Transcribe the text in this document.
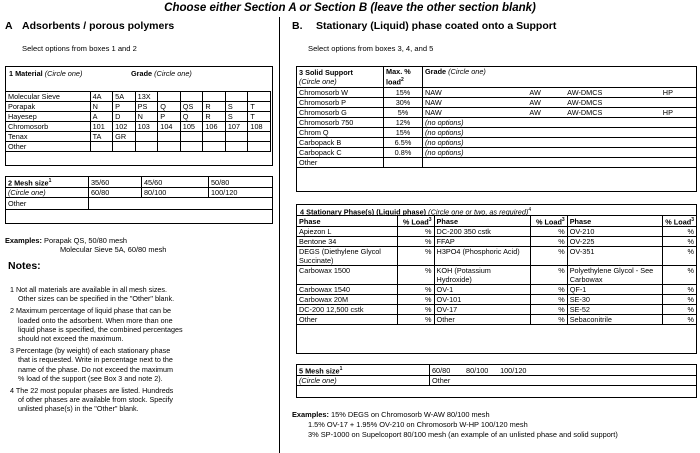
Choose either Section A or Section B (leave the other section blank)
A Adsorbents / porous polymers
Select options from boxes 1 and 2
1 Material (Circle one)	Grade (Circle one)
Molecular Sieve	4A	5A	13X					
Porapak	N	P	PS	Q	QS	R	S	T
Hayesep	A	D	N	P	Q	R	S	T
Chromosorb	101	102	103	104	105	106	107	108
Tenax	TA	GR						
Other								
2 Mesh size$^1$	35/60	45/60	50/80
(Circle one)	60/80	80/100	100/120
Other			

Examples: Porapak QS, 50/80 mesh
Molecular Sieve 5A, 60/80 mesh
Notes:
1 Not all materials are available in all mesh sizes.
Other sizes can be specified in the "Other" blank.
2 Maximum percentage of liquid phase that can be
loaded onto the adsorbent. When more than one
liquid phase is specified, the combined percentages
should not exceed the maximum.
3 Percentage (by weight) of each stationary phase
that is requested. Write in percentage next to the
name of the phase. Do not exceed the maximum
% load of the support (see Box 3 and note 2).
4 The 22 most popular phases are listed. Hundreds
of other phases are available from stock. Specify
unlisted phase(s) in the "Other" blank.
B. Stationary (Liquid) phase coated onto a Support
Select options from boxes 3, 4, and 5
3 Solid Support
(Circle one)	Max. %
load$^2$	Grade (Circle one)			
Chromosorb W	15%	NAW	AW	AW-DMCS	HP
Chromosorb P	30%	NAW	AW	AW-DMCS	
Chromosorb G	5%	NAW	AW	AW-DMCS	HP
Chromosorb 750	12%	(no options)			
Chrom Q	15%	(no options)			
Carbopack B	6.5%	(no options)			
Carbopack C	0.8%	(no options)			
Other					
4 Stationary Phase(s) (Liquid phase) (Circle one or two, as required)$^4$
Phase	% Load$^3$	Phase	% Load$^3$	Phase	% Load$^3$
Apiezon L	%	DC-200 350 cstk	%	OV-210	%
Bentone 34	%	FFAP	%	OV-225	%
DEGS (Diethylene Glycol Succinate)	%	H3PO4 (Phosphoric Acid)	%	OV-351	%
Carbowax 1500	%	KOH (Potassium Hydroxide)	%	Polyethylene Glycol - See Carbowax	%
Carbowax 1540	%	OV-1	%	QF-1	%
Carbowax 20M	%	OV-101	%	SE-30	%
DC-200 12,500 cstk	%	OV-17	%	SE-52	%
Other	%	Other	%	Sebaconitrile	%
5 Mesh size$^1$	60/80 80/100 100/120
(Circle one)	Other
Examples: 15% DEGS on Chromosorb W-AW 80/100 mesh
1.5% OV-17 + 1.95% OV-210 on Chromosorb W-HP 100/120 mesh
3% SP-1000 on Supelcoport 80/100 mesh (an example of an unlisted phase and solid support)
